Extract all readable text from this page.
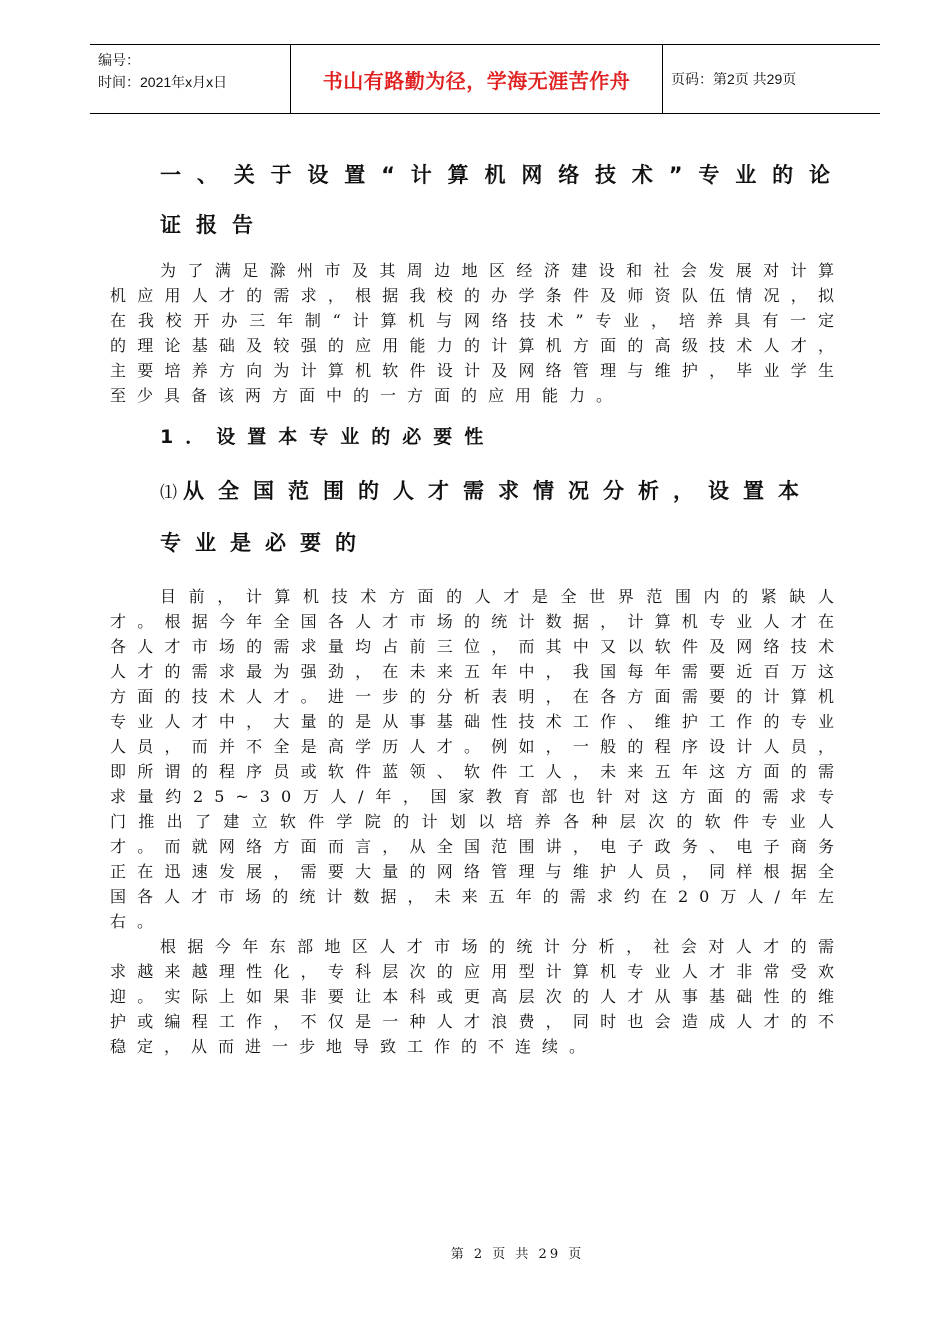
编号：
时间：2021年x月x日	书山有路勤为径，学海无涯苦作舟	页码：第2页 共29页
一、关于设置“计算机网络技术”专业的论证报告

为了满足滁州市及其周边地区经济建设和社会发展对计算机应用人才的需求，根据我校的办学条件及师资队伍情况，拟在我校开办三年制“计算机与网络技术”专业，培养具有一定的理论基础及较强的应用能力的计算机方面的高级技术人才，主要培养方向为计算机软件设计及网络管理与维护，毕业学生至少具备该两方面中的一方面的应用能力。

1．设置本专业的必要性
⑴从全国范围的人才需求情况分析，设置本专业是必要的

目前，计算机技术方面的人才是全世界范围内的紧缺人才。根据今年全国各人才市场的统计数据，计算机专业人才在各人才市场的需求量均占前三位，而其中又以软件及网络技术人才的需求最为强劲，在未来五年中，我国每年需要近百万这方面的技术人才。进一步的分析表明，在各方面需要的计算机专业人才中，大量的是从事基础性技术工作、维护工作的专业人员，而并不全是高学历人才。例如，一般的程序设计人员，即所谓的程序员或软件蓝领、软件工人，未来五年这方面的需求量约25~30万人/年，国家教育部也针对这方面的需求专门推出了建立软件学院的计划以培养各种层次的软件专业人才。而就网络方面而言，从全国范围讲，电子政务、电子商务正在迅速发展，需要大量的网络管理与维护人员，同样根据全国各人才市场的统计数据，未来五年的需求约在20万人/年左右。

根据今年东部地区人才市场的统计分析，社会对人才的需求越来越理性化，专科层次的应用型计算机专业人才非常受欢迎。实际上如果非要让本科或更高层次的人才从事基础性的维护或编程工作，不仅是一种人才浪费，同时也会造成人才的不稳定，从而进一步地导致工作的不连续。

第 2 页 共 29 页
